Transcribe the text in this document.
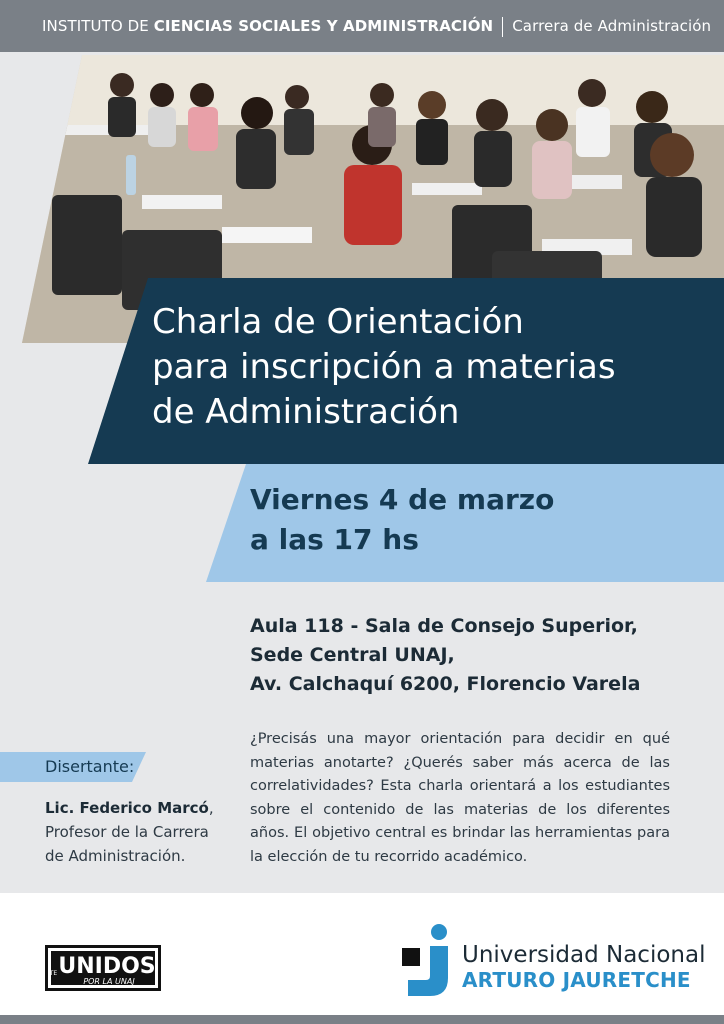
INSTITUTO DE CIENCIAS SOCIALES Y ADMINISTRACIÓN Carrera de Administración
Charla de Orientación
para inscripción a materias
de Administración
Viernes 4 de marzo
a las 17 hs
Aula 118 - Sala de Consejo Superior,
Sede Central UNAJ,
Av. Calchaquí 6200, Florencio Varela

¿Precisás una mayor orientación para decidir en qué materias anotarte? ¿Querés saber más acerca de las correlatividades? Esta charla orientará a los estudiantes sobre el contenido de las materias de los diferentes años. El objetivo central es brindar las herramientas para la elección de tu recorrido académico.

Disertante:
Lic. Federico Marcó,
Profesor de la Carrera
de Administración.
ITE UNIDOS
POR LA UNAJ
Universidad Nacional
ARTURO JAURETCHE
